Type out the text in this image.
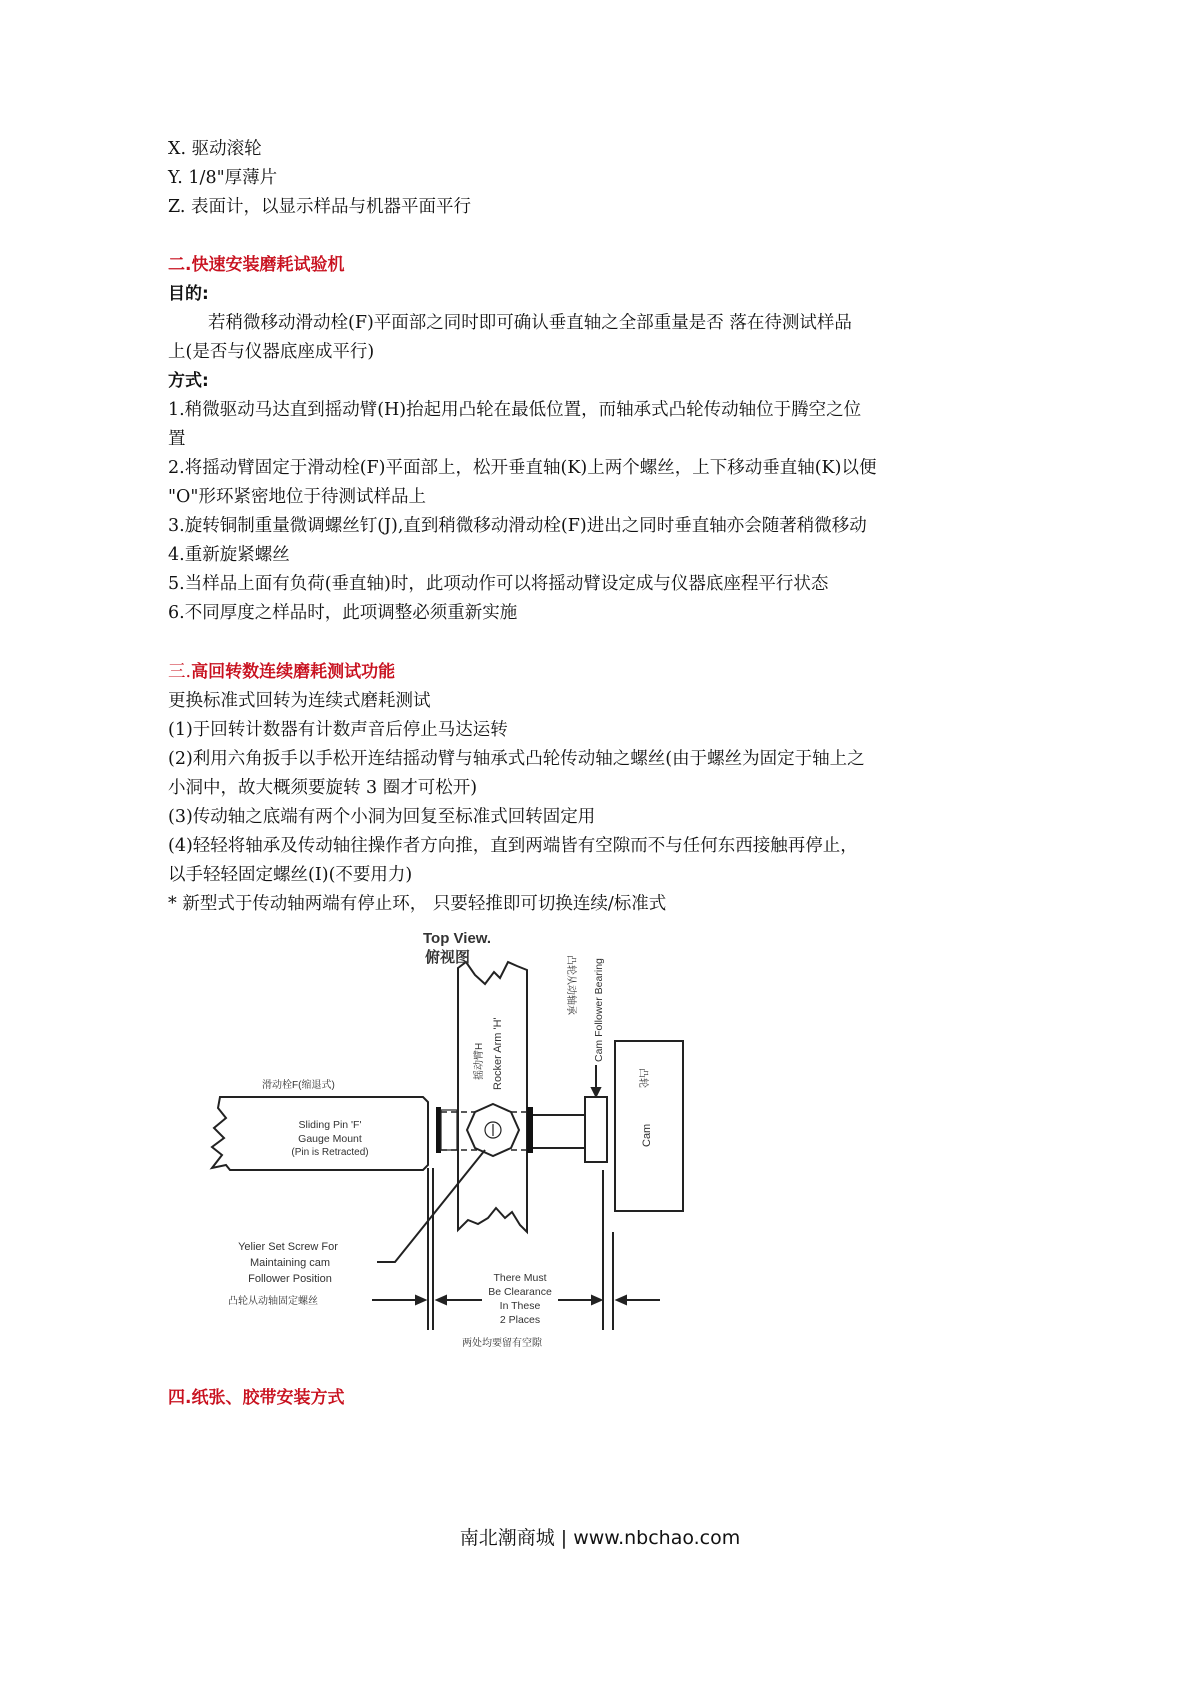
X. 驱动滚轮
Y. 1/8"厚薄片
Z. 表面计，以显示样品与机器平面平行
二.快速安装磨耗试验机
目的:
若稍微移动滑动栓(F)平面部之同时即可确认垂直轴之全部重量是否 落在待测试样品
上(是否与仪器底座成平行)
方式:
1.稍微驱动马达直到摇动臂(H)抬起用凸轮在最低位置，而轴承式凸轮传动轴位于腾空之位
置
2.将摇动臂固定于滑动栓(F)平面部上，松开垂直轴(K)上两个螺丝，上下移动垂直轴(K)以便
"O"形环紧密地位于待测试样品上
3.旋转铜制重量微调螺丝钉(J),直到稍微移动滑动栓(F)进出之同时垂直轴亦会随著稍微移动
4.重新旋紧螺丝
5.当样品上面有负荷(垂直轴)时，此项动作可以将摇动臂设定成与仪器底座程平行状态
6.不同厚度之样品时，此项调整必须重新实施
三.高回转数连续磨耗测试功能
更换标准式回转为连续式磨耗测试
(1)于回转计数器有计数声音后停止马达运转
(2)利用六角扳手以手松开连结摇动臂与轴承式凸轮传动轴之螺丝(由于螺丝为固定于轴上之
小洞中，故大概须要旋转 3 圈才可松开)
(3)传动轴之底端有两个小洞为回复至标准式回转固定用
(4)轻轻将轴承及传动轴往操作者方向推，直到两端皆有空隙而不与任何东西接触再停止，
以手轻轻固定螺丝(I)(不要用力)
* 新型式于传动轴两端有停止环， 只要轻推即可切换连续/标准式
Top View.
俯视图
滑动栓F(缩退式)
Sliding Pin 'F'
Gauge Mount
(Pin is Retracted)
Rocker Arm 'H'
摇动臂H	Cam Follower Bearing
凸轮从动轴承
Cam
凸轮
Yelier Set Screw For
Maintaining cam
Follower Position
凸轮从动轴固定螺丝
There Must
Be Clearance
In These
2 Places
两处均要留有空隙
四.纸张、胶带安装方式
南北潮商城 | www.nbchao.com
